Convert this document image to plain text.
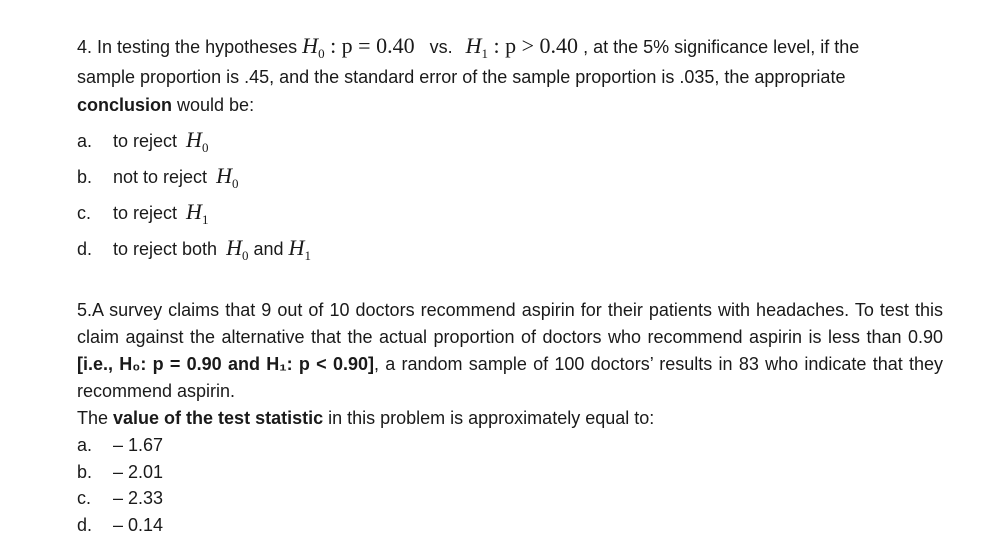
4. In testing the hypotheses $H_0$ : p = 0.40 vs. $H_1$ : p > 0.40 , at the 5% significance level, if the
sample proportion is .45, and the standard error of the sample proportion is .035, the appropriate
conclusion would be:
a.	to reject $H_0$
b.	not to reject $H_0$
c.	to reject $H_1$
d.	to reject both $H_0$ and $H_1$
5.A survey claims that 9 out of 10 doctors recommend aspirin for their patients with headaches. To test this claim against the alternative that the actual proportion of doctors who recommend aspirin is less than 0.90 [i.e., H₀: p = 0.90 and H₁: p < 0.90], a random sample of 100 doctors’ results in 83 who indicate that they recommend aspirin.
The value of the test statistic in this problem is approximately equal to:
a.	– 1.67
b.	– 2.01
c.	– 2.33
d.	– 0.14
